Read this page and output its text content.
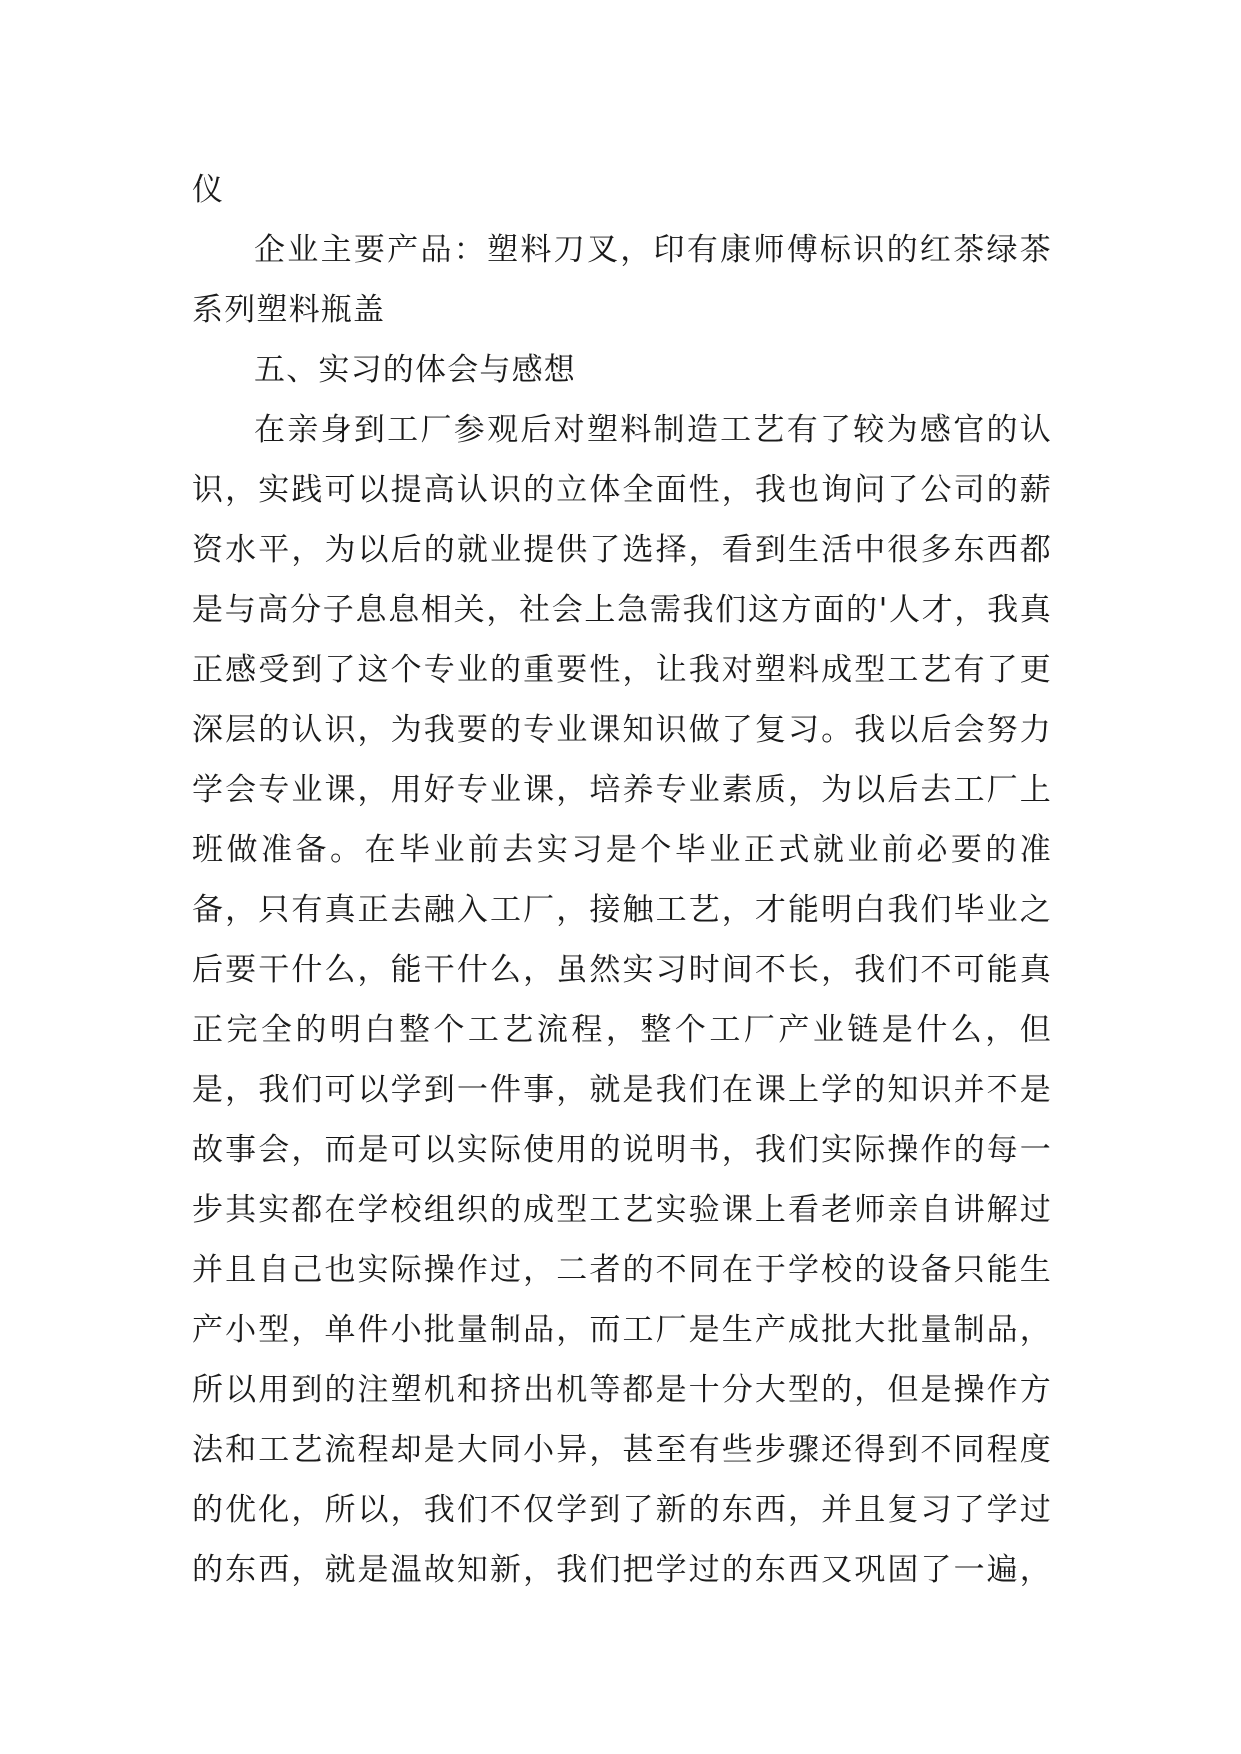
仪

企业主要产品：塑料刀叉，印有康师傅标识的红茶绿茶系列塑料瓶盖

五、实习的体会与感想

在亲身到工厂参观后对塑料制造工艺有了较为感官的认识，实践可以提高认识的立体全面性，我也询问了公司的薪资水平，为以后的就业提供了选择，看到生活中很多东西都是与高分子息息相关，社会上急需我们这方面的'人才，我真正感受到了这个专业的重要性，让我对塑料成型工艺有了更深层的认识，为我要的专业课知识做了复习。我以后会努力学会专业课，用好专业课，培养专业素质，为以后去工厂上班做准备。在毕业前去实习是个毕业正式就业前必要的准备，只有真正去融入工厂，接触工艺，才能明白我们毕业之后要干什么，能干什么，虽然实习时间不长，我们不可能真正完全的明白整个工艺流程，整个工厂产业链是什么，但是，我们可以学到一件事，就是我们在课上学的知识并不是故事会，而是可以实际使用的说明书，我们实际操作的每一步其实都在学校组织的成型工艺实验课上看老师亲自讲解过并且自己也实际操作过，二者的不同在于学校的设备只能生产小型，单件小批量制品，而工厂是生产成批大批量制品，所以用到的注塑机和挤出机等都是十分大型的，但是操作方法和工艺流程却是大同小异，甚至有些步骤还得到不同程度的优化，所以，我们不仅学到了新的东西，并且复习了学过的东西，就是温故知新，我们把学过的东西又巩固了一遍，
